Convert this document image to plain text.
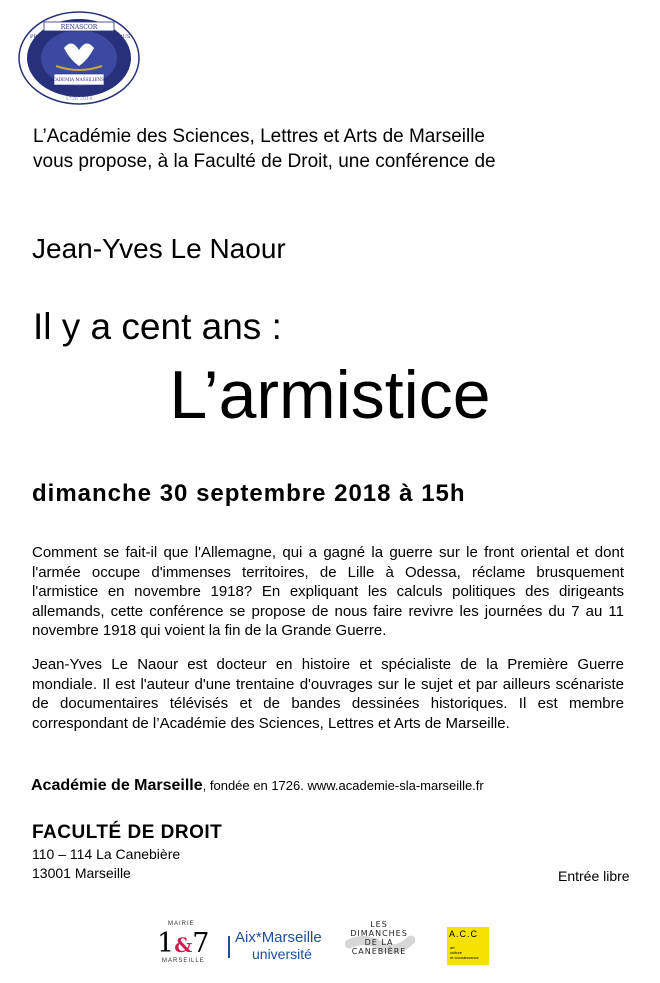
RENASCOR
PRIMIS	FLORUS
ACADEMIA MASSILIENSIS
1726 2018
L’Académie des Sciences, Lettres et Arts de Marseille
vous propose, à la Faculté de Droit, une conférence de
Jean-Yves Le Naour
Il y a cent ans :
L’armistice
dimanche 30 septembre 2018 à 15h
Comment se fait-il que l'Allemagne, qui a gagné la guerre sur le front oriental et dont l'armée occupe d'immenses territoires, de Lille à Odessa, réclame brusquement l'armistice en novembre 1918? En expliquant les calculs politiques des dirigeants allemands, cette conférence se propose de nous faire revivre les journées du 7 au 11 novembre 1918 qui voient la fin de la Grande Guerre.
Jean-Yves Le Naour est docteur en histoire et spécialiste de la Première Guerre mondiale. Il est l'auteur d'une trentaine d'ouvrages sur le sujet et par ailleurs scénariste de documentaires télévisés et de bandes dessinées historiques. Il est membre correspondant de l’Académie des Sciences, Lettres et Arts de Marseille.
Académie de Marseille, fondée en 1726. www.academie-sla-marseille.fr
FACULTÉ DE DROIT
110 – 114 La Canebière
13001 Marseille	Entrée libre
MAIRIE
1&7
MARSEILLE
Aix*Marseille
université
LES
DIMANCHES
DE LA
CANEBIÈRE
A.C.C
art
culture
et connaissance
